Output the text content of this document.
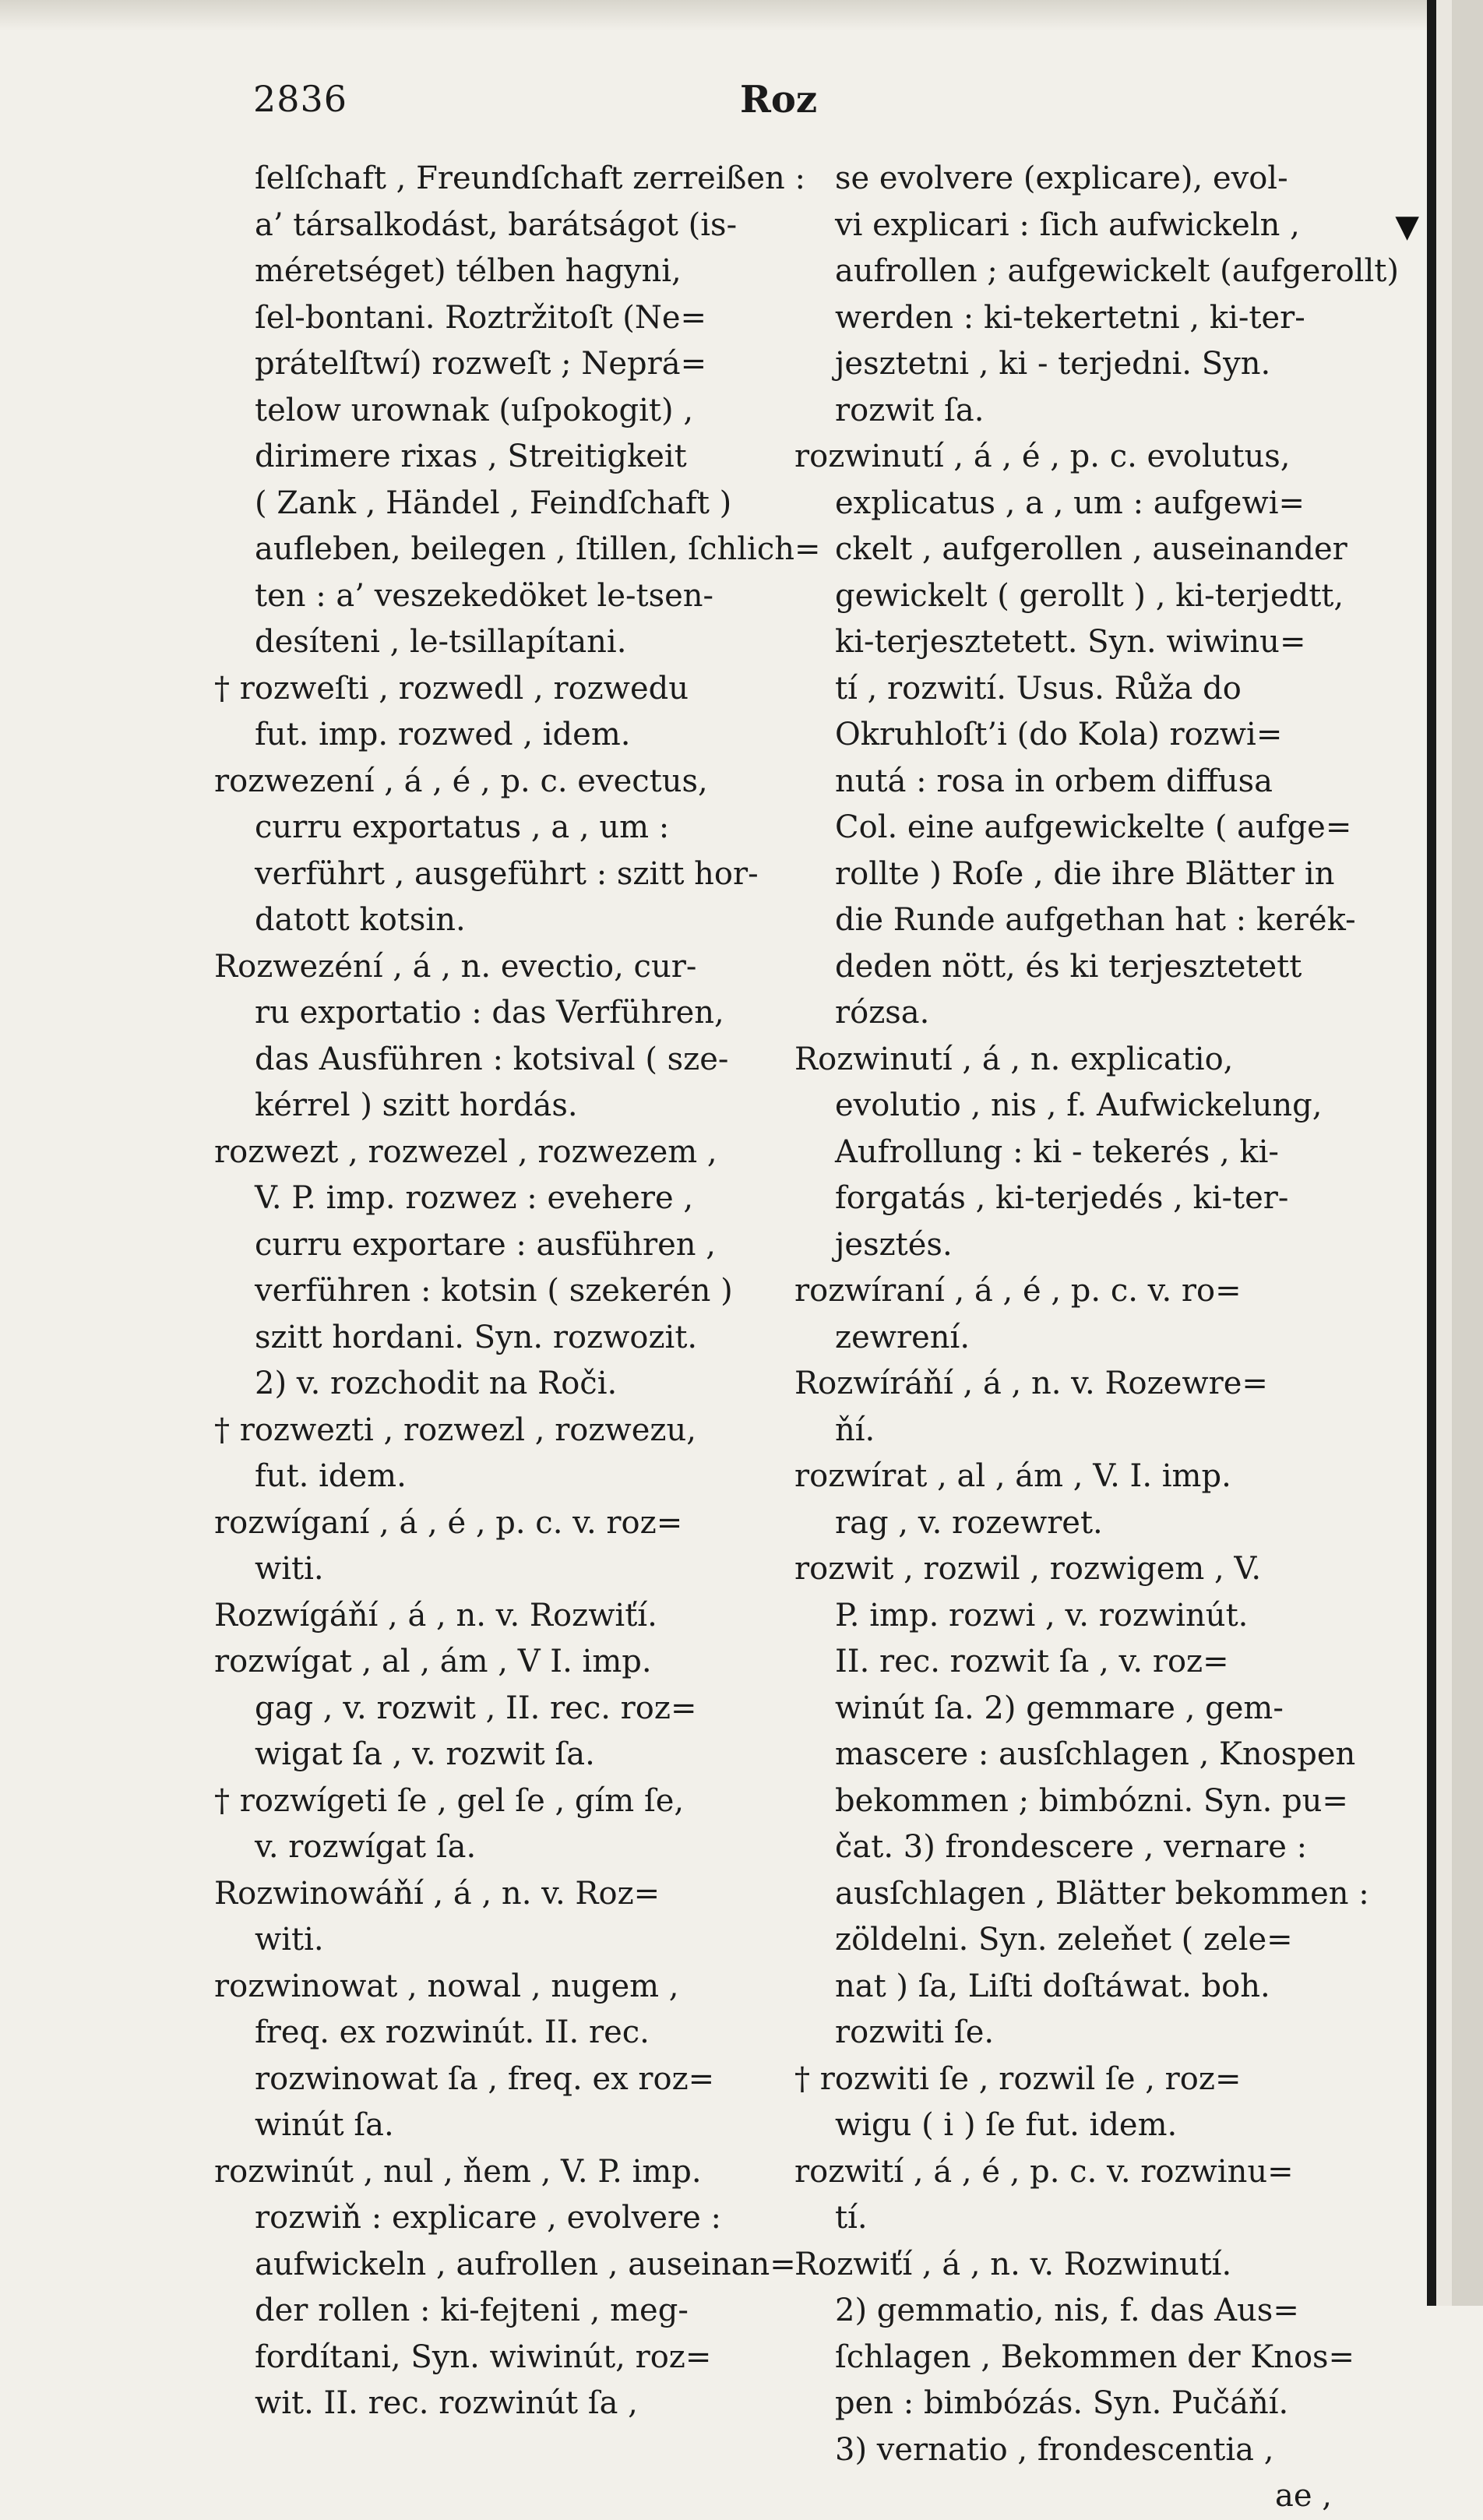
▼
2836	Roz
ſelſchaft , Freundſchaft zerreißen :
a’ társalkodást, barátságot (is-
méretséget) télben hagyni,
ſel-bontani. Roztržitoſt (Ne=
prátelſtwí) rozweſt ; Neprá=
telow urownak (uſpokogit) ,
dirimere rixas , Streitigkeit
( Zank , Händel , Feindſchaft )
aufleben, beilegen , ſtillen, ſchlich=
ten : a’ veszekedöket le-tsen-
desíteni , le-tsillapítani.
† rozweſti , rozwedl , rozwedu
fut. imp. rozwed , idem.
rozwezení , á , é , p. c. evectus,
curru exportatus , a , um :
verführt , ausgeführt : szitt hor-
datott kotsin.
Rozwezéní , á , n. evectio, cur-
ru exportatio : das Verführen,
das Ausführen : kotsival ( sze-
kérrel ) szitt hordás.
rozwezt , rozwezel , rozwezem ,
V. P. imp. rozwez : evehere ,
curru exportare : ausführen ,
verführen : kotsin ( szekerén )
szitt hordani. Syn. rozwozit.
2) v. rozchodit na Roči.
† rozwezti , rozwezl , rozwezu,
fut. idem.
rozwíganí , á , é , p. c. v. roz=
witi.
Rozwígáňí , á , n. v. Rozwiťí.
rozwígat , al , ám , V I. imp.
gag , v. rozwit , II. rec. roz=
wigat ſa , v. rozwit ſa.
† rozwígeti ſe , gel ſe , gím ſe,
v. rozwígat ſa.
Rozwinowáňí , á , n. v. Roz=
witi.
rozwinowat , nowal , nugem ,
freq. ex rozwinút. II. rec.
rozwinowat ſa , freq. ex roz=
winút ſa.
rozwinút , nul , ňem , V. P. imp.
rozwiň : explicare , evolvere :
aufwickeln , aufrollen , auseinan=
der rollen : ki-fejteni , meg-
fordítani, Syn. wiwinút, roz=
wit. II. rec. rozwinút ſa ,
se evolvere (explicare), evol-
vi explicari : ſich aufwickeln ,
aufrollen ; aufgewickelt (aufgerollt)
werden : ki-tekertetni , ki-ter-
jesztetni , ki - terjedni. Syn.
rozwit ſa.
rozwinutí , á , é , p. c. evolutus,
explicatus , a , um : aufgewi=
ckelt , aufgerollen , auseinander
gewickelt ( gerollt ) , ki-terjedtt,
ki-terjesztetett. Syn. wiwinu=
tí , rozwití. Usus. Růža do
Okruhloſt’i (do Kola) rozwi=
nutá : rosa in orbem diffusa
Col. eine aufgewickelte ( aufge=
rollte ) Roſe , die ihre Blätter in
die Runde aufgethan hat : kerék-
deden nött, és ki terjesztetett
rózsa.
Rozwinutí , á , n. explicatio,
evolutio , nis , f. Aufwickelung,
Aufrollung : ki - tekerés , ki-
forgatás , ki-terjedés , ki-ter-
jesztés.
rozwíraní , á , é , p. c. v. ro=
zewrení.
Rozwíráňí , á , n. v. Rozewre=
ňí.
rozwírat , al , ám , V. I. imp.
rag , v. rozewret.
rozwit , rozwil , rozwigem , V.
P. imp. rozwi , v. rozwinút.
II. rec. rozwit ſa , v. roz=
winút ſa. 2) gemmare , gem-
mascere : ausſchlagen , Knospen
bekommen ; bimbózni. Syn. pu=
čat. 3) frondescere , vernare :
ausſchlagen , Blätter bekommen :
zöldelni. Syn. zeleňet ( zele=
nat ) ſa, Liſti doſtáwat. boh.
rozwiti ſe.
† rozwiti ſe , rozwil ſe , roz=
wigu ( i ) ſe fut. idem.
rozwití , á , é , p. c. v. rozwinu=
tí.
Rozwiťí , á , n. v. Rozwinutí.
2) gemmatio, nis, f. das Aus=
ſchlagen , Bekommen der Knos=
pen : bimbózás. Syn. Pučáňí.
3) vernatio , frondescentia ,
ae ,
